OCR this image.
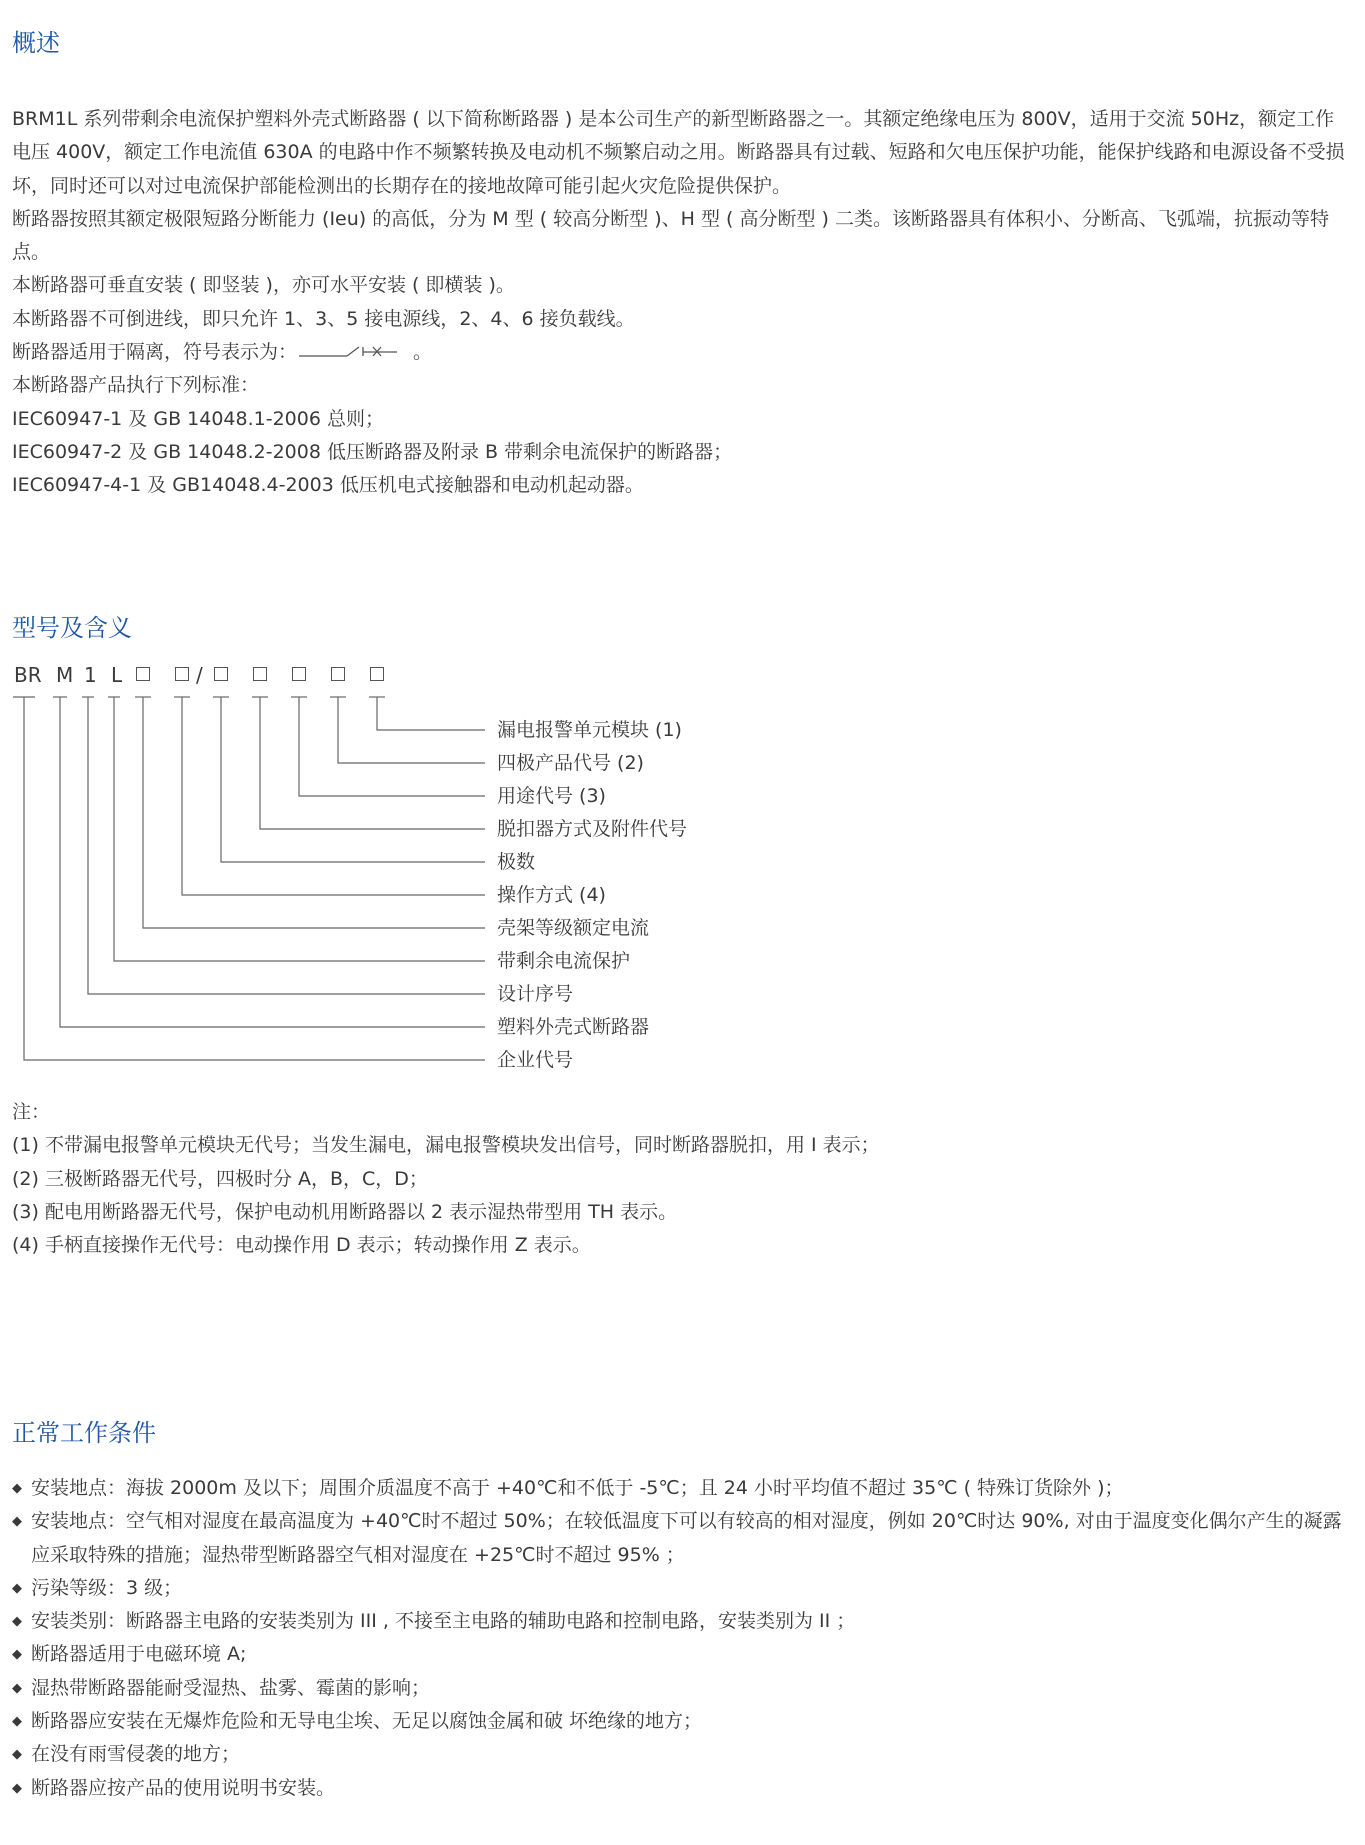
概述

BRM1L 系列带剩余电流保护塑料外壳式断路器 ( 以下简称断路器 ) 是本公司生产的新型断路器之一。其额定绝缘电压为 800V，适用于交流 50Hz，额定工作电压 400V，额定工作电流值 630A 的电路中作不频繁转换及电动机不频繁启动之用。断路器具有过载、短路和欠电压保护功能，能保护线路和电源设备不受损坏，同时还可以对过电流保护部能检测出的长期存在的接地故障可能引起火灾危险提供保护。

断路器按照其额定极限短路分断能力 (Ieu) 的高低，分为 M 型 ( 较高分断型 )、H 型 ( 高分断型 ) 二类。该断路器具有体积小、分断高、飞弧端，抗振动等特点。

本断路器可垂直安装 ( 即竖装 )，亦可水平安装 ( 即横装 )。

本断路器不可倒进线，即只允许 1、3、5 接电源线，2、4、6 接负载线。

断路器适用于隔离，符号表示为：	。

本断路器产品执行下列标准：

IEC60947-1 及 GB 14048.1-2006 总则；

IEC60947-2 及 GB 14048.2-2008 低压断路器及附录 B 带剩余电流保护的断路器；

IEC60947-4-1 及 GB14048.4-2003 低压机电式接触器和电动机起动器。

型号及含义
BR M 1 L	/
漏电报警单元模块 (1)
四极产品代号 (2)
用途代号 (3)
脱扣器方式及附件代号
极数
操作方式 (4)
壳架等级额定电流
带剩余电流保护
设计序号
塑料外壳式断路器
企业代号

注：

(1) 不带漏电报警单元模块无代号；当发生漏电，漏电报警模块发出信号，同时断路器脱扣，用 I 表示；

(2) 三极断路器无代号，四极时分 A，B，C，D；

(3) 配电用断路器无代号，保护电动机用断路器以 2 表示湿热带型用 TH 表示。

(4) 手柄直接操作无代号：电动操作用 D 表示；转动操作用 Z 表示。

正常工作条件
◆ 安装地点：海拔 2000m 及以下；周围介质温度不高于 +40℃和不低于 -5℃；且 24 小时平均值不超过 35℃ ( 特殊订货除外 )；
◆ 安装地点：空气相对湿度在最高温度为 +40℃时不超过 50%；在较低温度下可以有较高的相对湿度，例如 20℃时达 90%, 对由于温度变化偶尔产生的凝露应采取特殊的措施；湿热带型断路器空气相对湿度在 +25℃时不超过 95% ；
◆ 污染等级：3 级；
◆ 安装类别：断路器主电路的安装类别为 III , 不接至主电路的辅助电路和控制电路，安装类别为 II ；
◆ 断路器适用于电磁环境 A;
◆ 湿热带断路器能耐受湿热、盐雾、霉菌的影响；
◆ 断路器应安装在无爆炸危险和无导电尘埃、无足以腐蚀金属和破 坏绝缘的地方；
◆ 在没有雨雪侵袭的地方；
◆ 断路器应按产品的使用说明书安装。
